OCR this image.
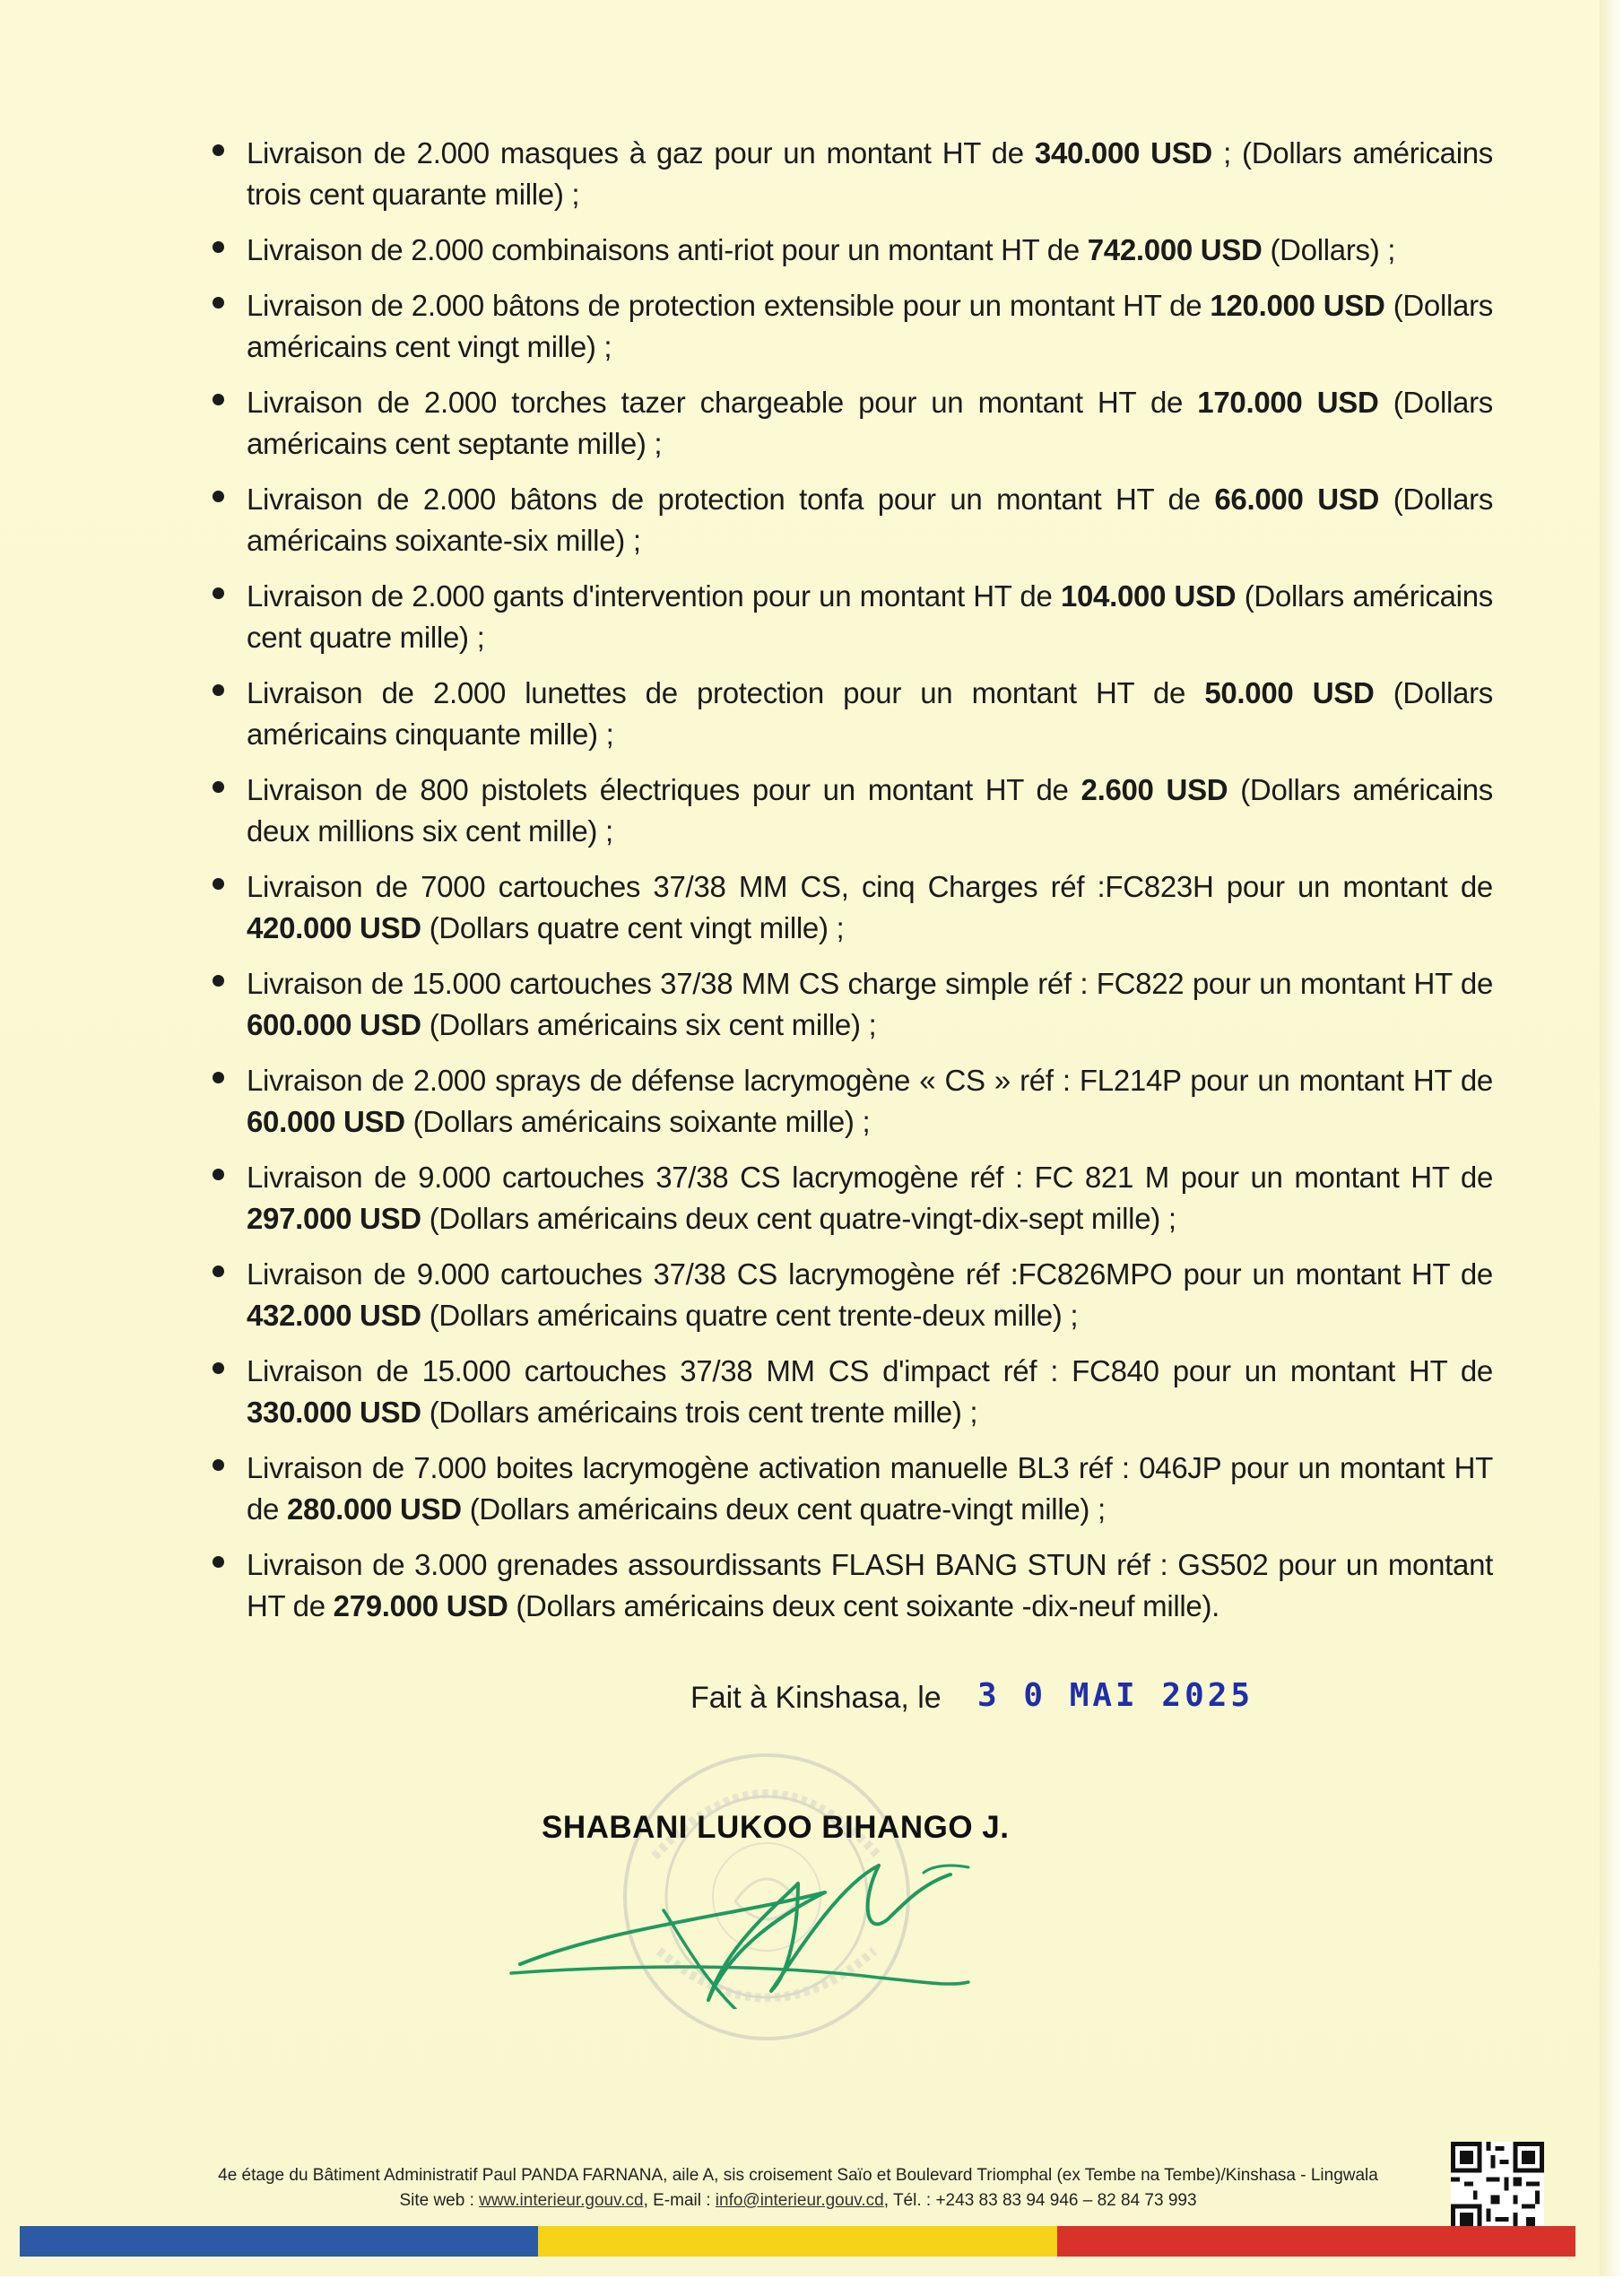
Livraison de 2.000 masques à gaz pour un montant HT de 340.000 USD ; (Dollars américains trois cent quarante mille) ;
Livraison de 2.000 combinaisons anti-riot pour un montant HT de 742.000 USD (Dollars) ;
Livraison de 2.000 bâtons de protection extensible pour un montant HT de 120.000 USD (Dollars américains cent vingt mille) ;
Livraison de 2.000 torches tazer chargeable pour un montant HT de 170.000 USD (Dollars américains cent septante mille) ;
Livraison de 2.000 bâtons de protection tonfa pour un montant HT de 66.000 USD (Dollars américains soixante-six mille) ;
Livraison de 2.000 gants d'intervention pour un montant HT de 104.000 USD (Dollars américains cent quatre mille) ;
Livraison de 2.000 lunettes de protection pour un montant HT de 50.000 USD (Dollars américains cinquante mille) ;
Livraison de 800 pistolets électriques pour un montant HT de 2.600 USD (Dollars américains deux millions six cent mille) ;
Livraison de 7000 cartouches 37/38 MM CS, cinq Charges réf :FC823H pour un montant de 420.000 USD (Dollars quatre cent vingt mille) ;
Livraison de 15.000 cartouches 37/38 MM CS charge simple réf : FC822 pour un montant HT de 600.000 USD (Dollars américains six cent mille) ;
Livraison de 2.000 sprays de défense lacrymogène « CS » réf : FL214P pour un montant HT de 60.000 USD (Dollars américains soixante mille) ;
Livraison de 9.000 cartouches 37/38 CS lacrymogène réf : FC 821 M pour un montant HT de 297.000 USD (Dollars américains deux cent quatre-vingt-dix-sept mille) ;
Livraison de 9.000 cartouches 37/38 CS lacrymogène réf :FC826MPO pour un montant HT de 432.000 USD (Dollars américains quatre cent trente-deux mille) ;
Livraison de 15.000 cartouches 37/38 MM CS d'impact réf : FC840 pour un montant HT de 330.000 USD (Dollars américains trois cent trente mille) ;
Livraison de 7.000 boites lacrymogène activation manuelle BL3 réf : 046JP pour un montant HT de 280.000 USD (Dollars américains deux cent quatre-vingt mille) ;
Livraison de 3.000 grenades assourdissants FLASH BANG STUN réf : GS502 pour un montant HT de 279.000 USD (Dollars américains deux cent soixante -dix-neuf mille).
Fait à Kinshasa, le 3 0 MAI 2025
SHABANI LUKOO BIHANGO J.
4e étage du Bâtiment Administratif Paul PANDA FARNANA, aile A, sis croisement Saïo et Boulevard Triomphal (ex Tembe na Tembe)/Kinshasa - Lingwala
Site web : www.interieur.gouv.cd, E-mail : info@interieur.gouv.cd, Tél. : +243 83 83 94 946 – 82 84 73 993
